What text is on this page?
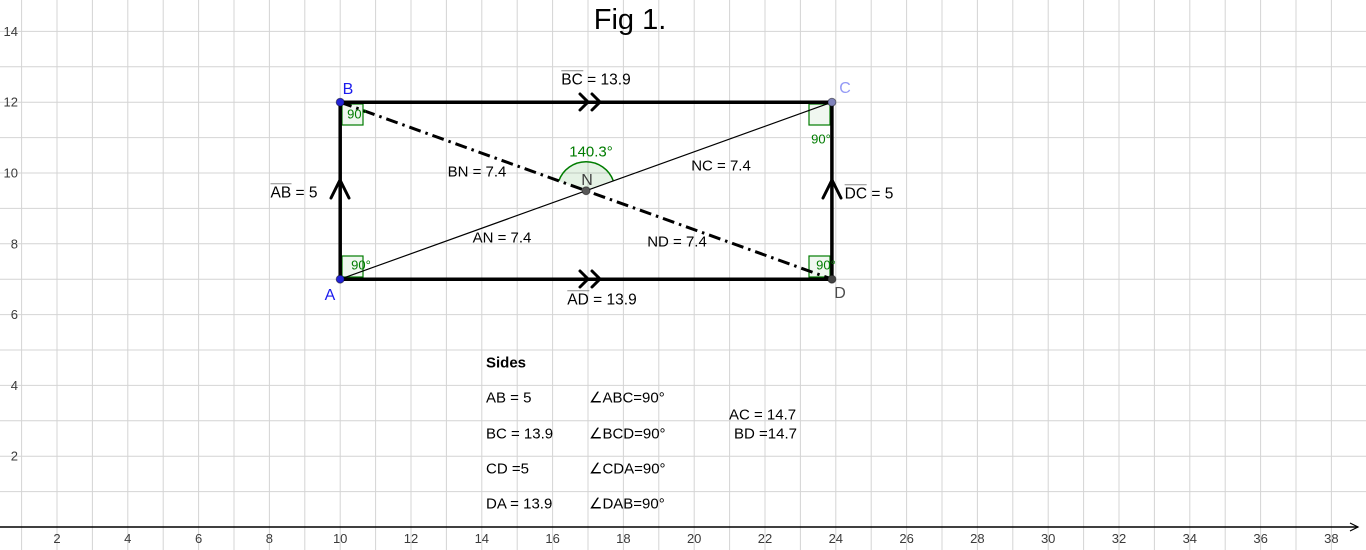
2	4	6	8	10	12	14	16	18	20	22	24	26	28	30	32	34	36	38
14
12
10
8
6
4
2
Fig 1.
A
B	C
D
N
BC = 13.9
AD = 13.9
AB = 5	DC = 5
BN = 7.4	NC = 7.4
AN = 7.4	ND = 7.4
140.3°
90°
90°
90°	90°
Sides
AB = 5	∠ABC=90°
BC = 13.9 ∠BCD=90°
CD =5	∠CDA=90°
DA = 13.9 ∠DAB=90°
AC = 14.7
BD =14.7
